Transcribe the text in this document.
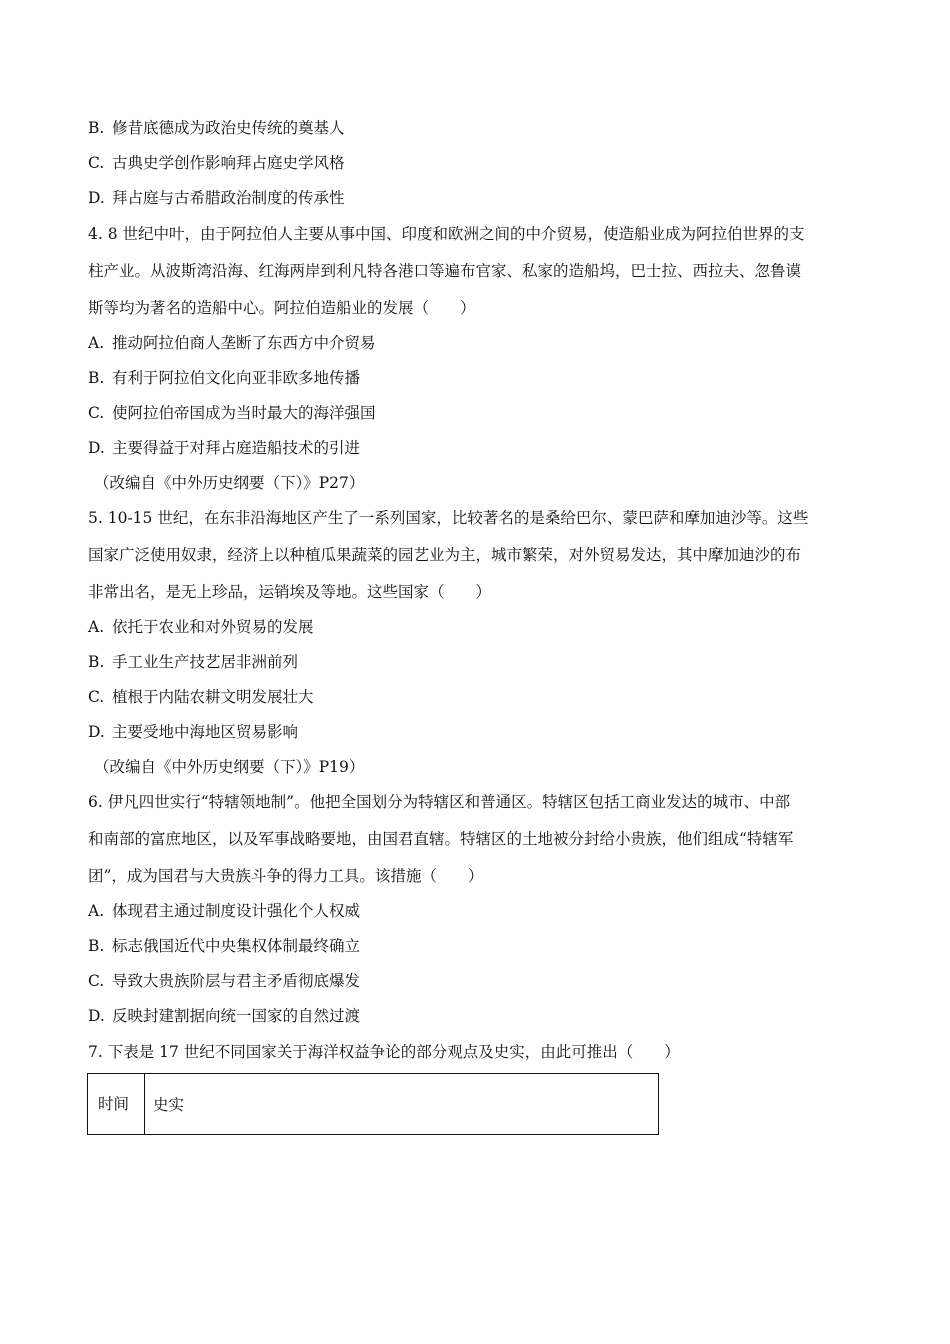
B. 修昔底德成为政治史传统的奠基人
C. 古典史学创作影响拜占庭史学风格
D. 拜占庭与古希腊政治制度的传承性
4. 8 世纪中叶，由于阿拉伯人主要从事中国、印度和欧洲之间的中介贸易，使造船业成为阿拉伯世界的支
柱产业。从波斯湾沿海、红海两岸到利凡特各港口等遍布官家、私家的造船坞，巴士拉、西拉夫、忽鲁谟
斯等均为著名的造船中心。阿拉伯造船业的发展（　　）
A. 推动阿拉伯商人垄断了东西方中介贸易
B. 有利于阿拉伯文化向亚非欧多地传播
C. 使阿拉伯帝国成为当时最大的海洋强国
D. 主要得益于对拜占庭造船技术的引进
（改编自《中外历史纲要（下）》P27）
5. 10-15 世纪，在东非沿海地区产生了一系列国家，比较著名的是桑给巴尔、蒙巴萨和摩加迪沙等。这些
国家广泛使用奴隶，经济上以种植瓜果蔬菜的园艺业为主，城市繁荣，对外贸易发达，其中摩加迪沙的布
非常出名，是无上珍品，运销埃及等地。这些国家（　　）
A. 依托于农业和对外贸易的发展
B. 手工业生产技艺居非洲前列
C. 植根于内陆农耕文明发展壮大
D. 主要受地中海地区贸易影响
（改编自《中外历史纲要（下）》P19）
6. 伊凡四世实行“特辖领地制”。他把全国划分为特辖区和普通区。特辖区包括工商业发达的城市、中部
和南部的富庶地区，以及军事战略要地，由国君直辖。特辖区的土地被分封给小贵族，他们组成“特辖军
团”，成为国君与大贵族斗争的得力工具。该措施（　　）
A. 体现君主通过制度设计强化个人权威
B. 标志俄国近代中央集权体制最终确立
C. 导致大贵族阶层与君主矛盾彻底爆发
D. 反映封建割据向统一国家的自然过渡
7. 下表是 17 世纪不同国家关于海洋权益争论的部分观点及史实，由此可推出（　　）
时间	史实
